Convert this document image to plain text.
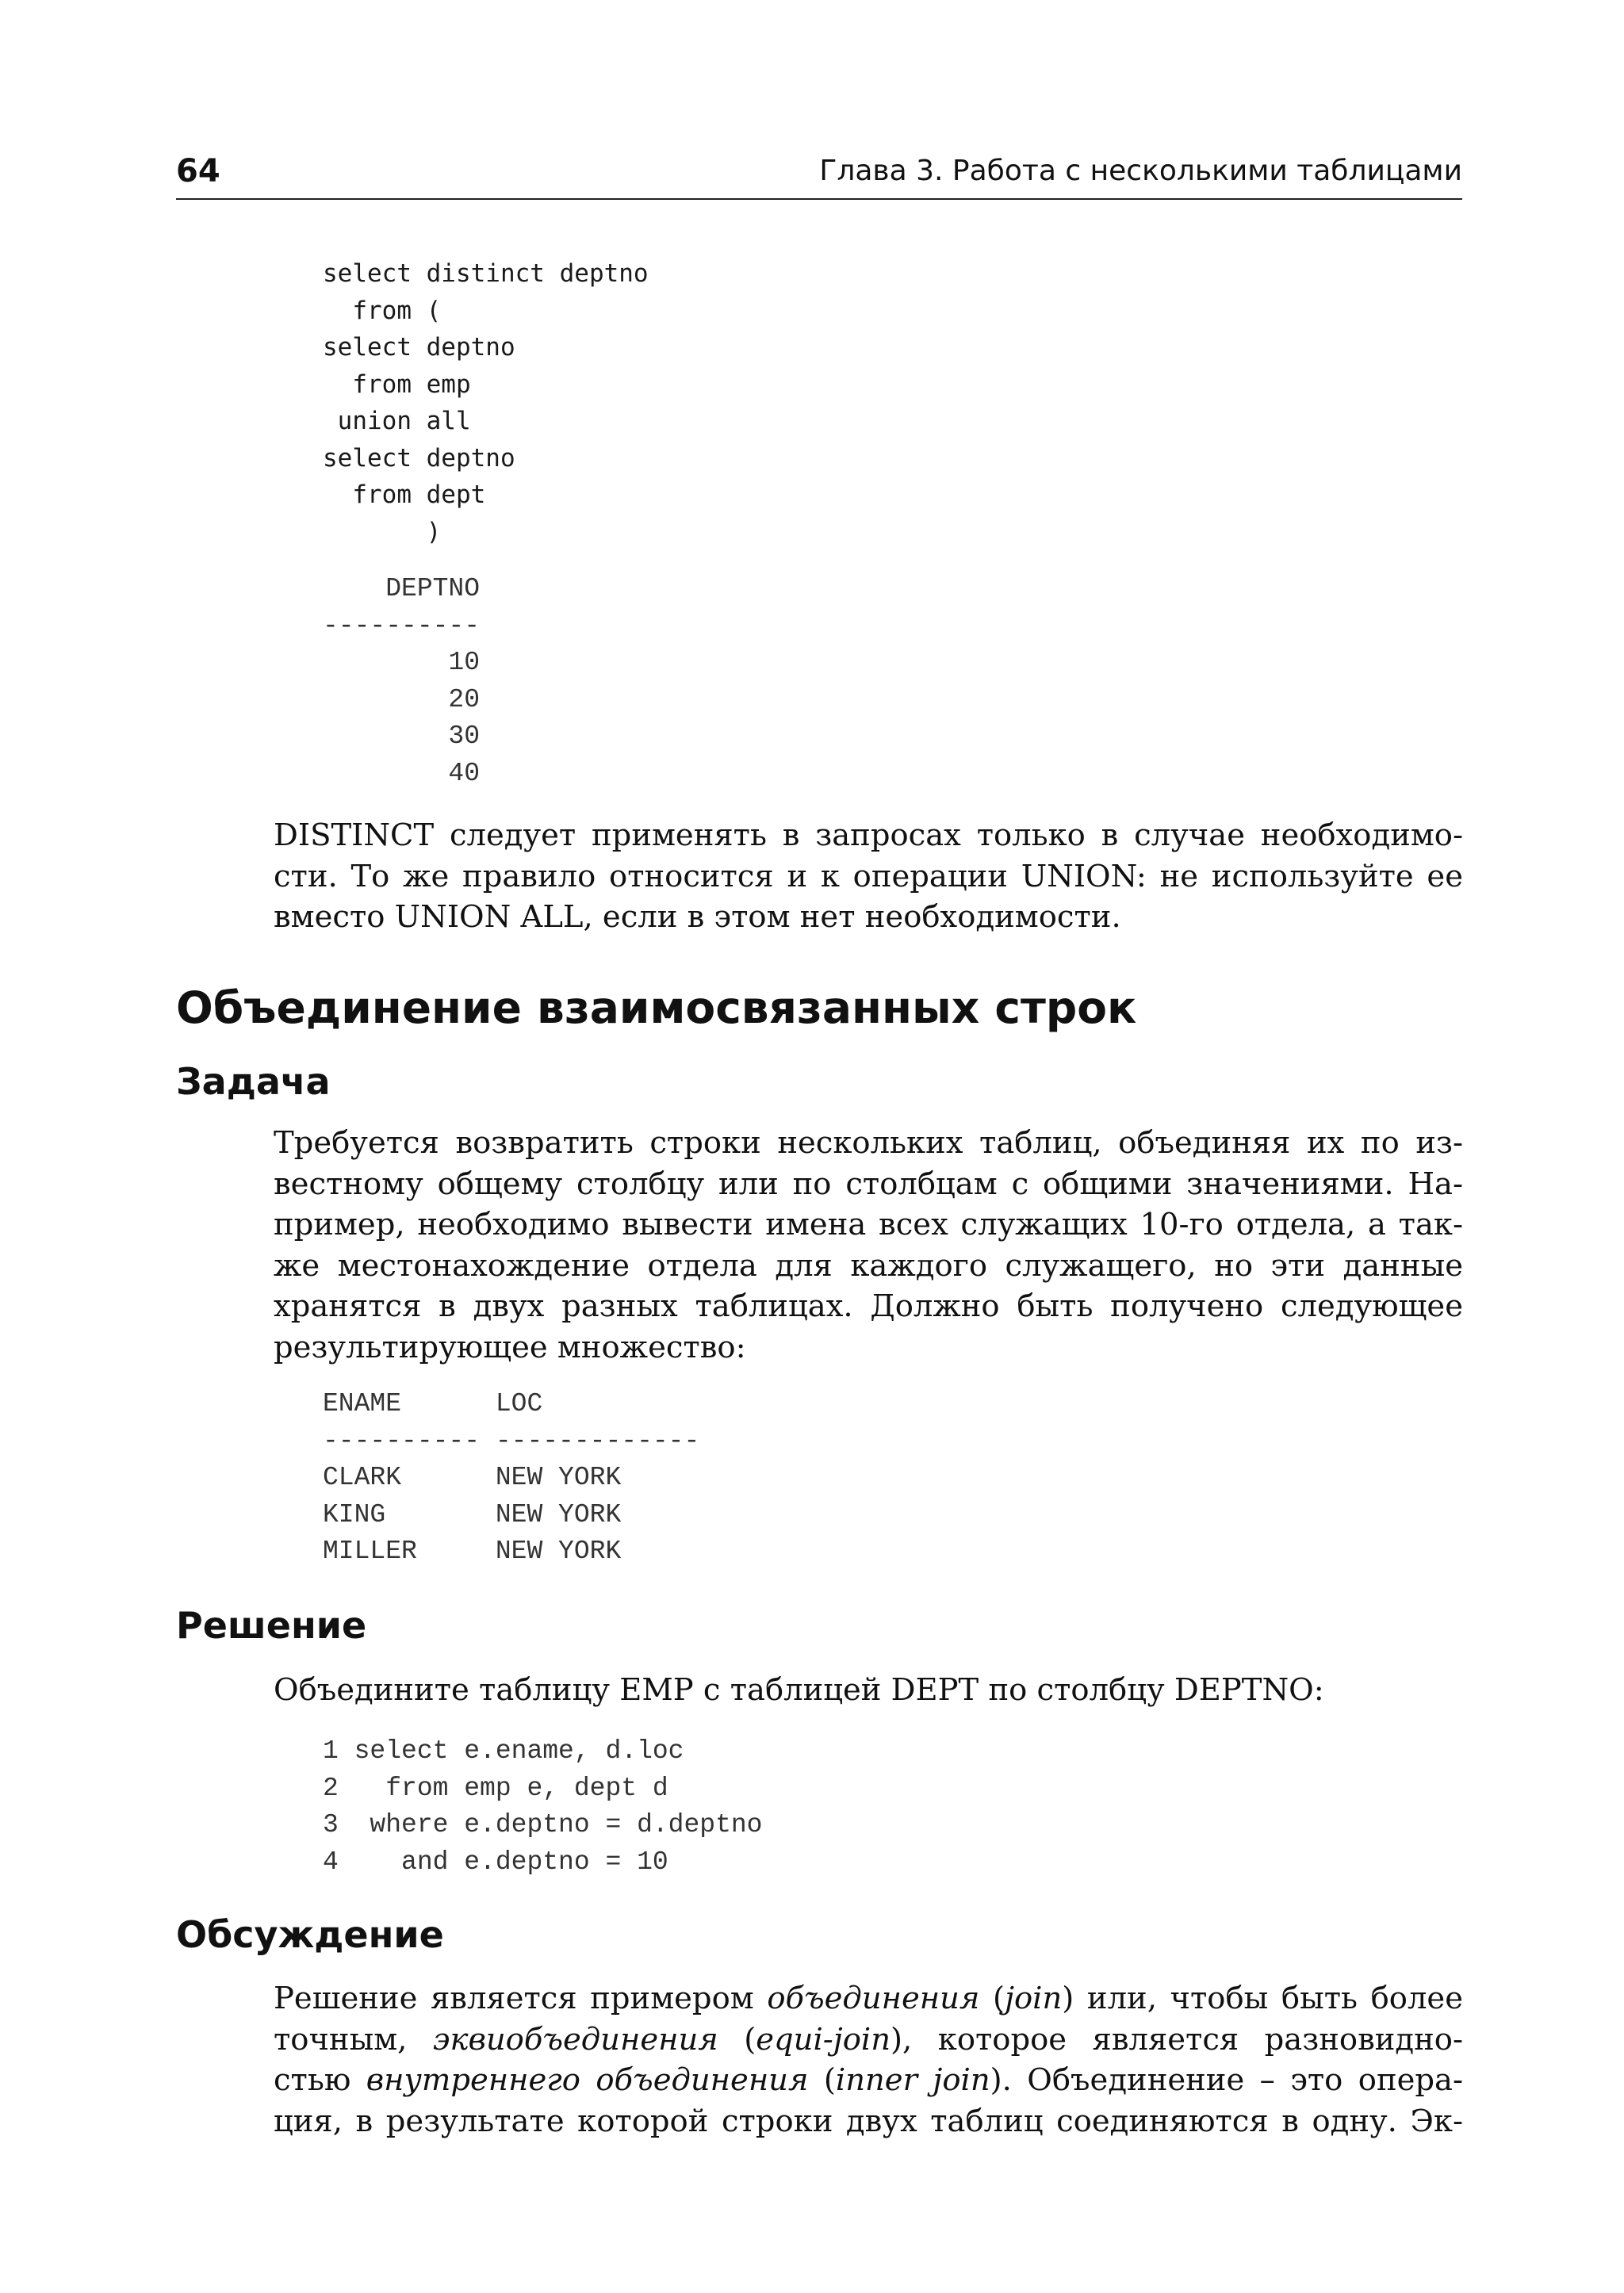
64	Глава 3. Работа с несколькими таблицами
select distinct deptno
from (
select deptno
from emp
union all
select deptno
from dept
)
DEPTNO
----------
10
20
30
40

DISTINCT следует применять в запросах только в случае необходимо-
сти. То же правило относится и к операции UNION: не используйте ее
вместо UNION ALL, если в этом нет необходимости.

Объединение взаимосвязанных строк
Задача

Требуется возвратить строки нескольких таблиц, объединяя их по из-
вестному общему столбцу или по столбцам с общими значениями. На-
пример, необходимо вывести имена всех служащих 10-го отдела, а так-
же местонахождение отдела для каждого служащего, но эти данные
хранятся в двух разных таблицах. Должно быть получено следующее
результирующее множество:

ENAME      LOC
---------- -------------
CLARK      NEW YORK
KING       NEW YORK
MILLER     NEW YORK
Решение

Объедините таблицу EMP с таблицей DEPT по столбцу DEPTNO:

1 select e.ename, d.loc
2   from emp e, dept d
3  where e.deptno = d.deptno
4    and e.deptno = 10
Обсуждение

Решение является примером объединения (join) или, чтобы быть более
точным, эквиобъединения (equi-join), которое является разновидно-
стью внутреннего объединения (inner join). Объединение – это опера-
ция, в результате которой строки двух таблиц соединяются в одну. Эк-
